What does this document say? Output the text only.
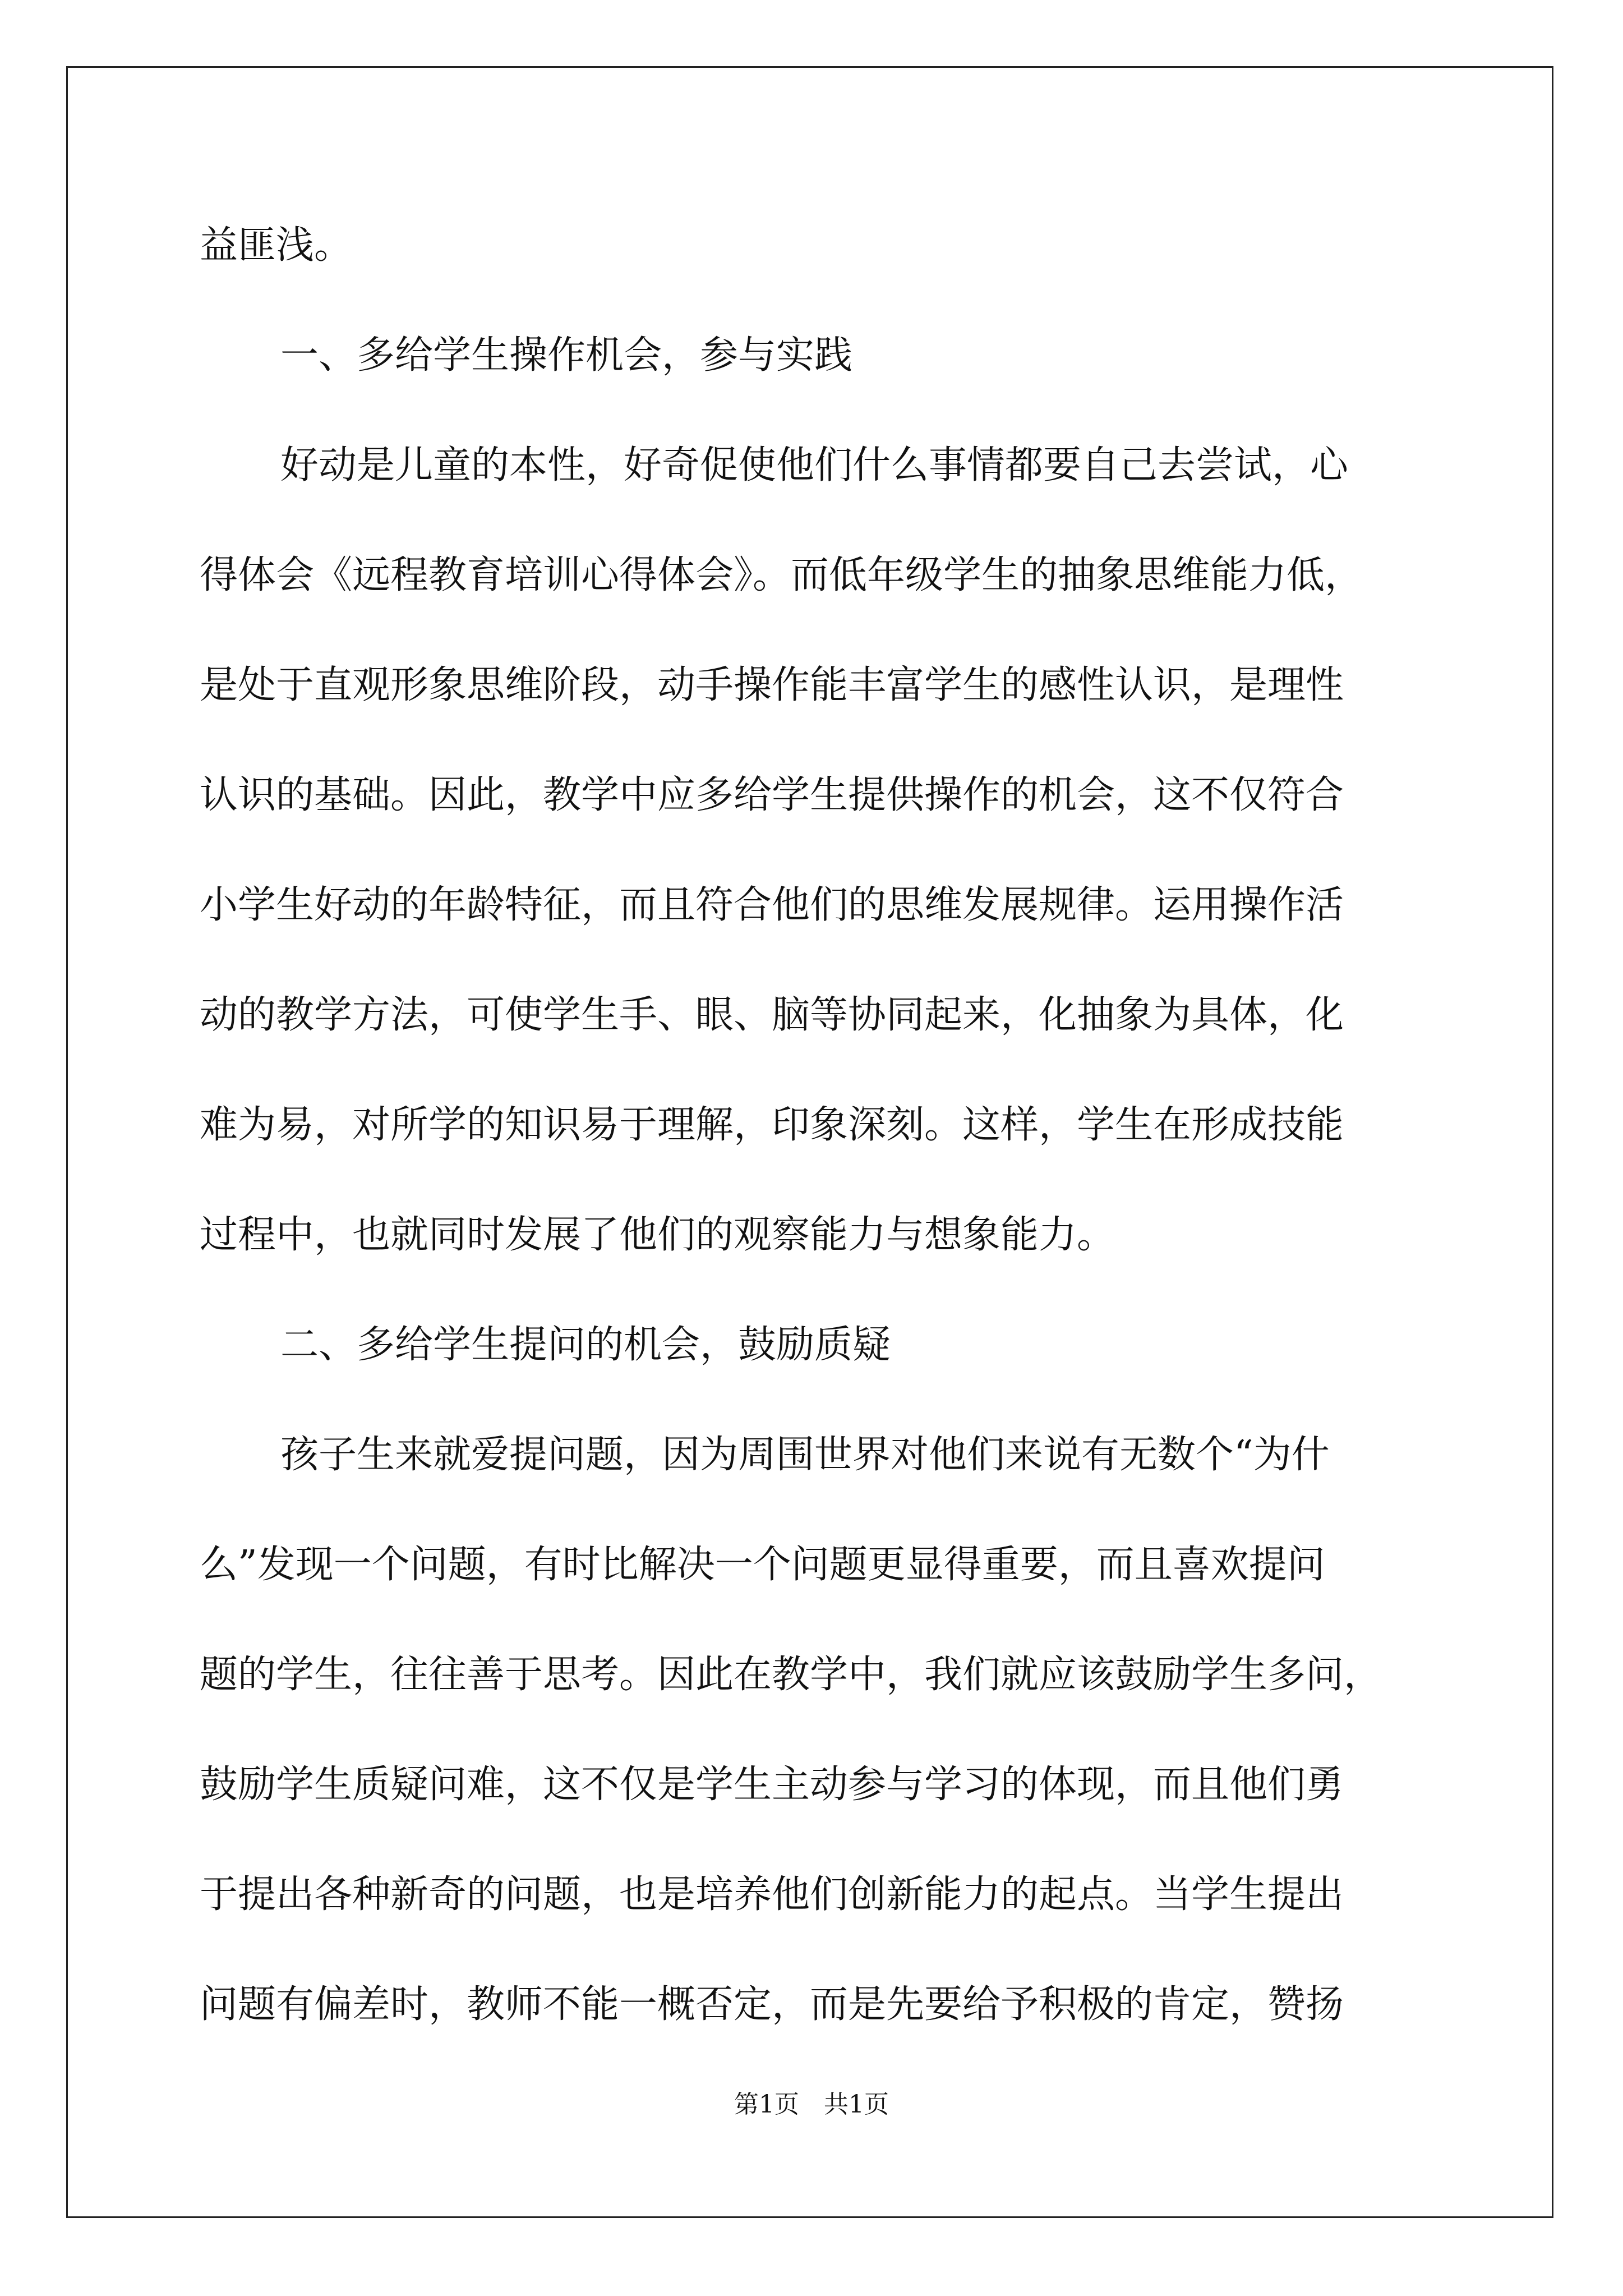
益匪浅。
一、多给学生操作机会，参与实践
好动是儿童的本性，好奇促使他们什么事情都要自己去尝试，心
得体会《远程教育培训心得体会》。而低年级学生的抽象思维能力低，
是处于直观形象思维阶段，动手操作能丰富学生的感性认识，是理性
认识的基础。因此，教学中应多给学生提供操作的机会，这不仅符合
小学生好动的年龄特征，而且符合他们的思维发展规律。运用操作活
动的教学方法，可使学生手、眼、脑等协同起来，化抽象为具体，化
难为易，对所学的知识易于理解，印象深刻。这样，学生在形成技能
过程中，也就同时发展了他们的观察能力与想象能力。
二、多给学生提问的机会，鼓励质疑
孩子生来就爱提问题，因为周围世界对他们来说有无数个“为什
么”发现一个问题，有时比解决一个问题更显得重要，而且喜欢提问
题的学生，往往善于思考。因此在教学中，我们就应该鼓励学生多问，
鼓励学生质疑问难，这不仅是学生主动参与学习的体现，而且他们勇
于提出各种新奇的问题，也是培养他们创新能力的起点。当学生提出
问题有偏差时，教师不能一概否定，而是先要给予积极的肯定，赞扬
第1页　共1页
